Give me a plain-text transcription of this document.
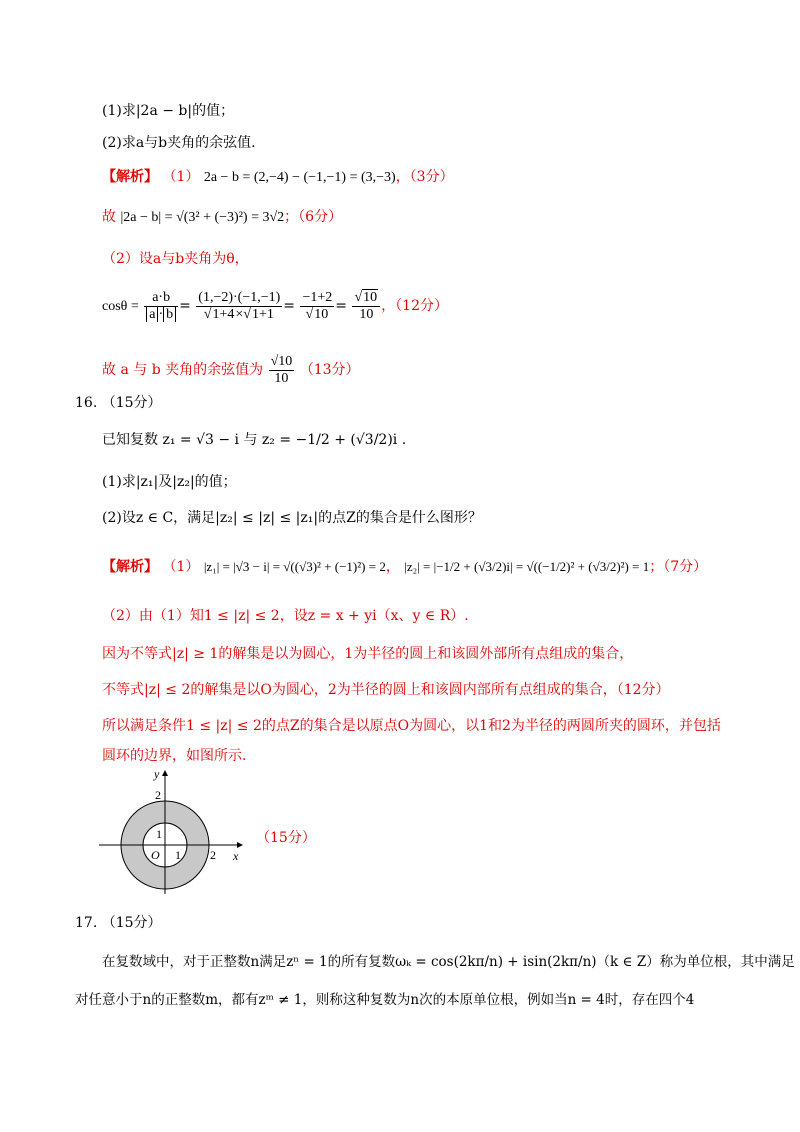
(1)求|2a − b|的值；
(2)求a与b夹角的余弦值.
【解析】 （1） 2a − b = (2,−4) − (−1,−1) = (3,−3)，（3分）
故 |2a − b| = √(3² + (−3)²) = 3√2；（6分）
（2）设a与b夹角为θ，
$\cos\theta = \frac{a\cdot b}{a \cdot b} = \frac{(1,-2)\cdot(-1,-1)}{√1+4\times√1+1} = \frac{-1+2}{√10} = \frac{√10}{10}$ ，（12分）
故 a 与 b 夹角的余弦值为 $\frac{√10}{10} (13$分）
16. （15分）
已知复数 z₁ = √3 − i 与 z₂ = −1/2 + (√3/2)i .
(1)求|z₁|及|z₂|的值；
(2)设z ∈ C，满足|z₂| ≤ |z| ≤ |z₁|的点Z的集合是什么图形？
【解析】 （1） |z₁| = |√3 − i| = √((√3)² + (−1)²) = 2， |z₂| = |−1/2 + (√3/2)i| = √((−1/2)² + (√3/2)²) = 1；（7分）
（2）由（1）知1 ≤ |z| ≤ 2，设z = x + yi（x、y ∈ R）.
因为不等式|z| ≥ 1的解集是以为圆心，1为半径的圆上和该圆外部所有点组成的集合，
不等式|z| ≤ 2的解集是以O为圆心，2为半径的圆上和该圆内部所有点组成的集合，（12分）
所以满足条件1 ≤ |z| ≤ 2的点Z的集合是以原点O为圆心，以1和2为半径的两圆所夹的圆环，并包括
圆环的边界，如图所示.
y
x
O
2
1
1 2
（15分）
17. （15分）
在复数域中，对于正整数n满足zⁿ = 1的所有复数ωₖ = cos(2kπ/n) + isin(2kπ/n)（k ∈ Z）称为单位根，其中满足
对任意小于n的正整数m，都有zᵐ ≠ 1，则称这种复数为n次的本原单位根，例如当n = 4时，存在四个4
